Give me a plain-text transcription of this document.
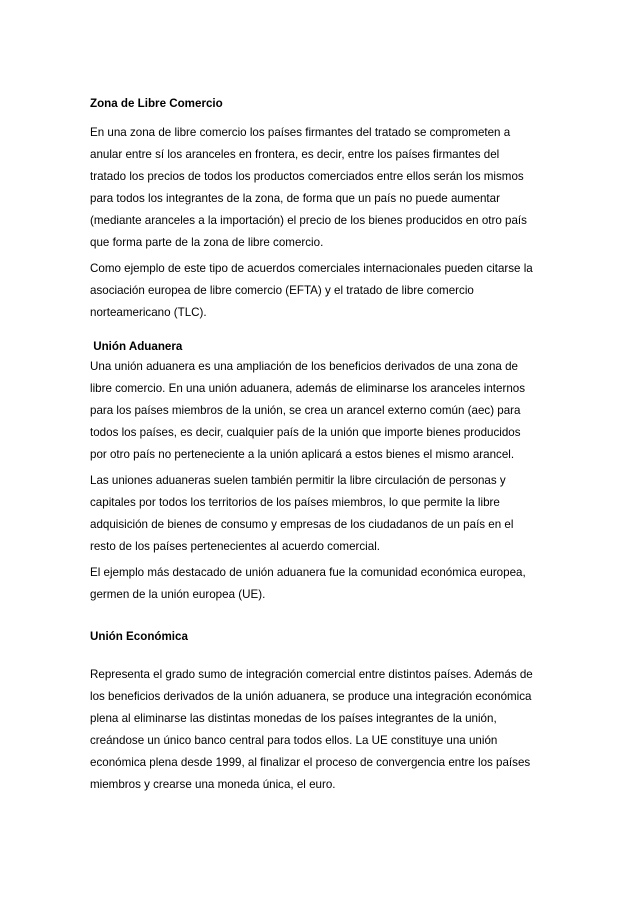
Zona de Libre Comercio

En una zona de libre comercio los países firmantes del tratado se comprometen a

anular entre sí los aranceles en frontera, es decir, entre los países firmantes del

tratado los precios de todos los productos comerciados entre ellos serán los mismos

para todos los integrantes de la zona, de forma que un país no puede aumentar

(mediante aranceles a la importación) el precio de los bienes producidos en otro país

que forma parte de la zona de libre comercio.

Como ejemplo de este tipo de acuerdos comerciales internacionales pueden citarse la

asociación europea de libre comercio (EFTA) y el tratado de libre comercio

norteamericano (TLC).

Unión Aduanera

Una unión aduanera es una ampliación de los beneficios derivados de una zona de

libre comercio. En una unión aduanera, además de eliminarse los aranceles internos

para los países miembros de la unión, se crea un arancel externo común (aec) para

todos los países, es decir, cualquier país de la unión que importe bienes producidos

por otro país no perteneciente a la unión aplicará a estos bienes el mismo arancel.

Las uniones aduaneras suelen también permitir la libre circulación de personas y

capitales por todos los territorios de los países miembros, lo que permite la libre

adquisición de bienes de consumo y empresas de los ciudadanos de un país en el

resto de los países pertenecientes al acuerdo comercial.

El ejemplo más destacado de unión aduanera fue la comunidad económica europea,

germen de la unión europea (UE).

Unión Económica

Representa el grado sumo de integración comercial entre distintos países. Además de

los beneficios derivados de la unión aduanera, se produce una integración económica

plena al eliminarse las distintas monedas de los países integrantes de la unión,

creándose un único banco central para todos ellos. La UE constituye una unión

económica plena desde 1999, al finalizar el proceso de convergencia entre los países

miembros y crearse una moneda única, el euro.
